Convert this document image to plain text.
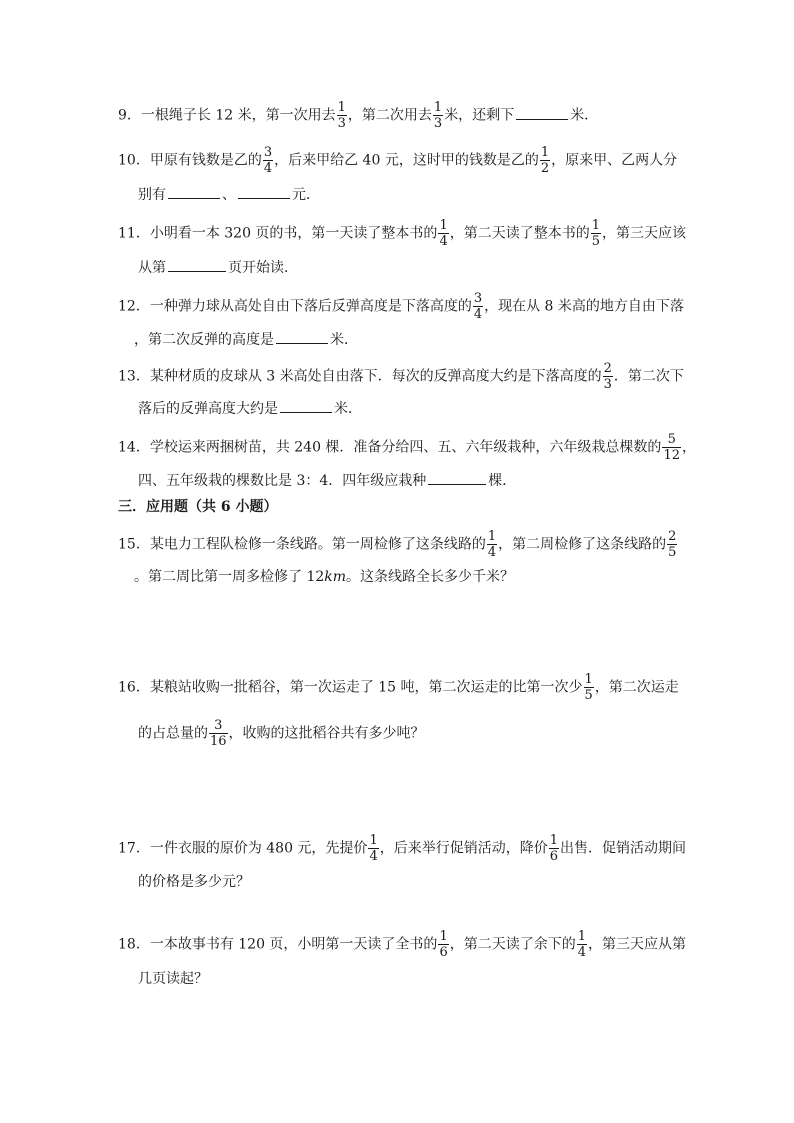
9．一根绳子长 12 米，第一次用去 $\frac{1}{3}$ ，第二次用去 $\frac{1}{3}$ 米，还剩下	米．
10．甲原有钱数是乙的 $\frac{3}{4}$ ，后来甲给乙 40 元，这时甲的钱数是乙的 $\frac{1}{2}$ ，原来甲、乙两人分
别有	、	元．
11．小明看一本 320 页的书，第一天读了整本书的 $\frac{1}{4}$ ，第二天读了整本书的 $\frac{1}{5}$ ，第三天应该
从第	页开始读．
12．一种弹力球从高处自由下落后反弹高度是下落高度的 $\frac{3}{4}$ ，现在从 8 米高的地方自由下落
，第二次反弹的高度是	米．
13．某种材质的皮球从 3 米高处自由落下．每次的反弹高度大约是下落高度的 $\frac{2}{3}$ ．第二次下
落后的反弹高度大约是	米．
14．学校运来两捆树苗，共 240 棵．准备分给四、五、六年级栽种，六年级栽总棵数的 $\frac{5}{12}$ ，
四、五年级栽的棵数比是 3：4．四年级应栽种	棵．
三．应用题（共 6 小题）
15．某电力工程队检修一条线路。第一周检修了这条线路的 $\frac{1}{4}$ ，第二周检修了这条线路的 $\frac{2}{5}$
。第二周比第一周多检修了 12km。这条线路全长多少千米？
16．某粮站收购一批稻谷，第一次运走了 15 吨，第二次运走的比第一次少 $\frac{1}{5}$ ，第二次运走
的占总量的 $\frac{3}{16}$ ，收购的这批稻谷共有多少吨？
17．一件衣服的原价为 480 元，先提价 $\frac{1}{4}$ ，后来举行促销活动，降价 $\frac{1}{6}$ 出售．促销活动期间
的价格是多少元？
18．一本故事书有 120 页，小明第一天读了全书的 $\frac{1}{6}$ ，第二天读了余下的 $\frac{1}{4}$ ，第三天应从第
几页读起？
